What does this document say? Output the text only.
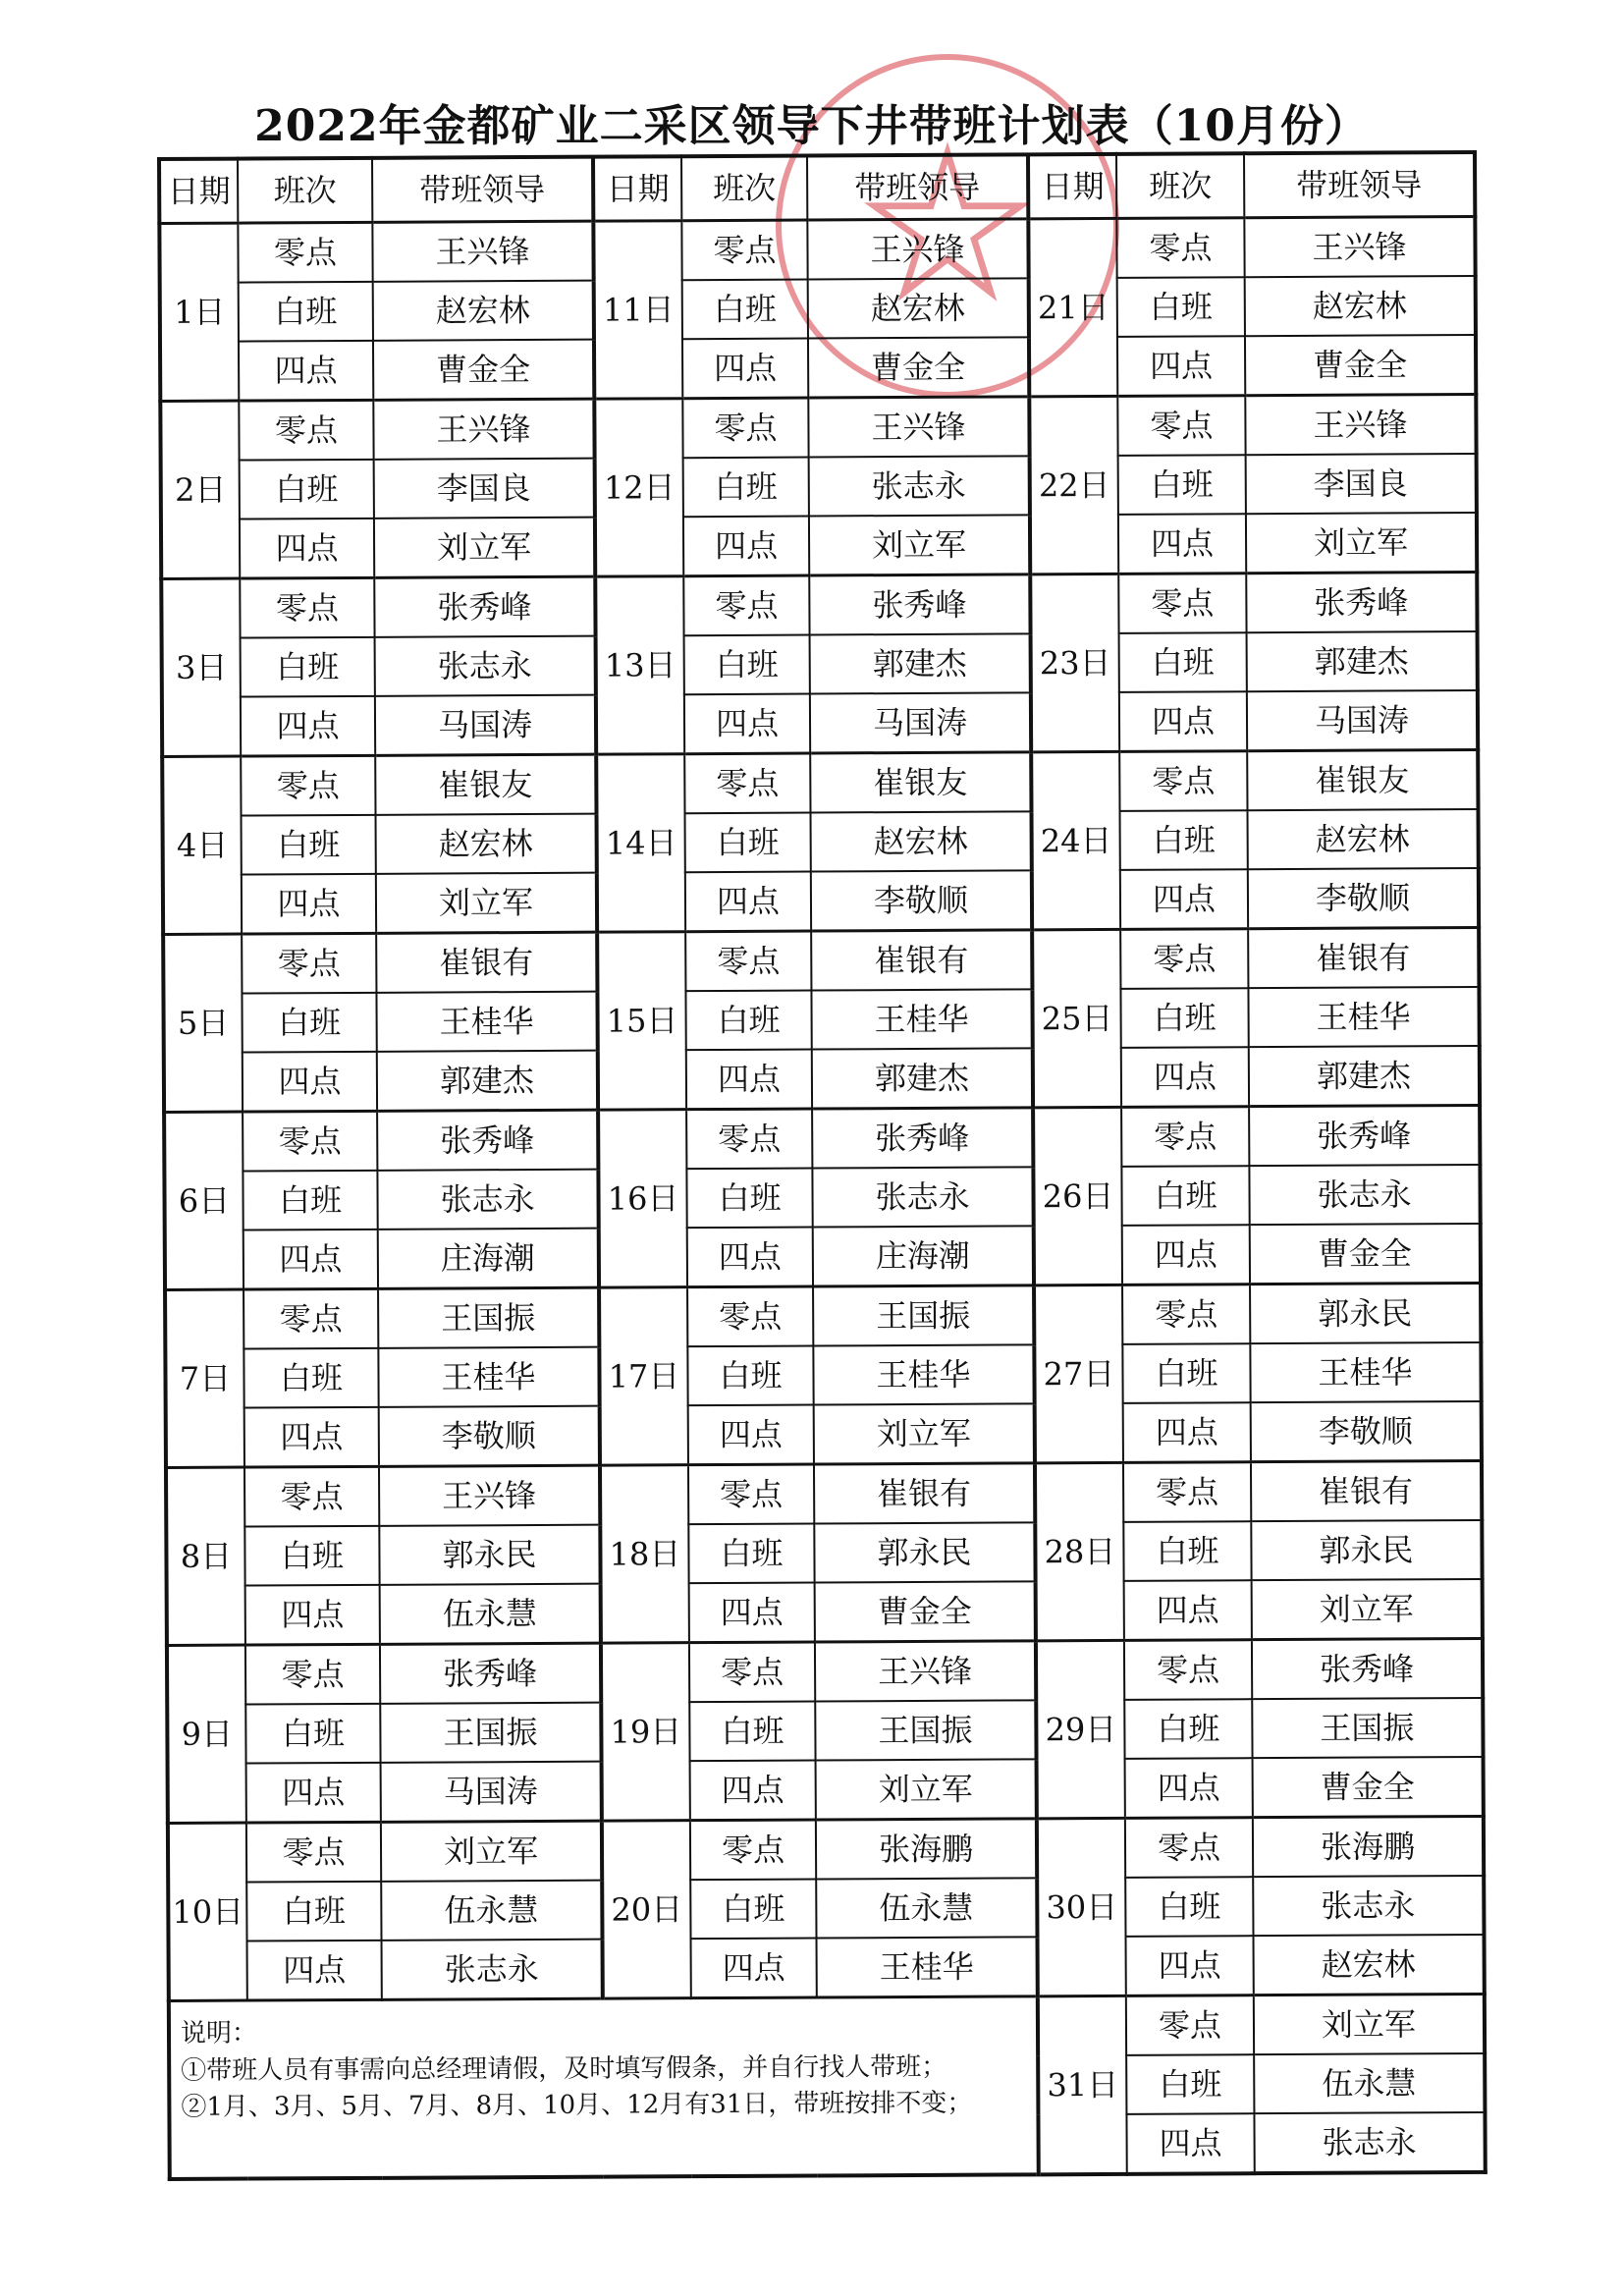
2022年金都矿业二采区领导下井带班计划表（10月份）
日期	班次	带班领导	日期	班次	带班领导	日期	班次	带班领导
1日	零点	王兴锋	11日	零点	王兴锋	21日	零点	王兴锋
	白班	赵宏林		白班	赵宏林		白班	赵宏林
	四点	曹金全		四点	曹金全		四点	曹金全
2日	零点	王兴锋	12日	零点	王兴锋	22日	零点	王兴锋
	白班	李国良		白班	张志永		白班	李国良
	四点	刘立军		四点	刘立军		四点	刘立军
3日	零点	张秀峰	13日	零点	张秀峰	23日	零点	张秀峰
	白班	张志永		白班	郭建杰		白班	郭建杰
	四点	马国涛		四点	马国涛		四点	马国涛
4日	零点	崔银友	14日	零点	崔银友	24日	零点	崔银友
	白班	赵宏林		白班	赵宏林		白班	赵宏林
	四点	刘立军		四点	李敬顺		四点	李敬顺
5日	零点	崔银有	15日	零点	崔银有	25日	零点	崔银有
	白班	王桂华		白班	王桂华		白班	王桂华
	四点	郭建杰		四点	郭建杰		四点	郭建杰
6日	零点	张秀峰	16日	零点	张秀峰	26日	零点	张秀峰
	白班	张志永		白班	张志永		白班	张志永
	四点	庄海潮		四点	庄海潮		四点	曹金全
7日	零点	王国振	17日	零点	王国振	27日	零点	郭永民
	白班	王桂华		白班	王桂华		白班	王桂华
	四点	李敬顺		四点	刘立军		四点	李敬顺
8日	零点	王兴锋	18日	零点	崔银有	28日	零点	崔银有
	白班	郭永民		白班	郭永民		白班	郭永民
	四点	伍永慧		四点	曹金全		四点	刘立军
9日	零点	张秀峰	19日	零点	王兴锋	29日	零点	张秀峰
	白班	王国振		白班	王国振		白班	王国振
	四点	马国涛		四点	刘立军		四点	曹金全
10日	零点	刘立军	20日	零点	张海鹏	30日	零点	张海鹏
	白班	伍永慧		白班	伍永慧		白班	张志永
	四点	张志永		四点	王桂华		四点	赵宏林

说明：
①带班人员有事需向总经理请假，及时填写假条，并自行找人带班；
②1月、3月、5月、7月、8月、10月、12月有31日，带班按排不变；						31日	零点	刘立军
							白班	伍永慧
							四点	张志永
